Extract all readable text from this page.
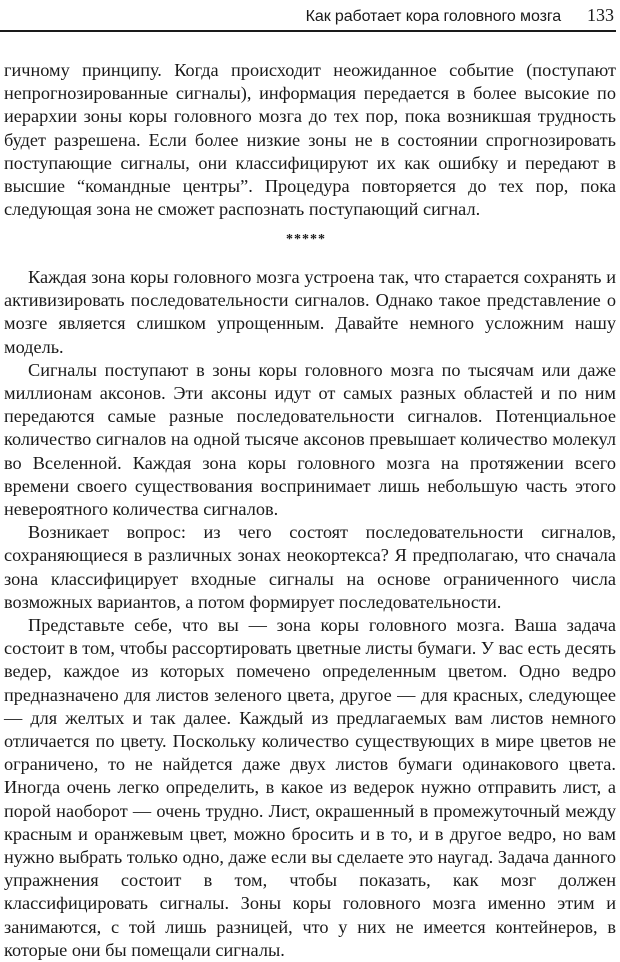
Как работает кора головного мозга 133

гичному принципу. Когда происходит неожиданное событие (поступают непрогнозированные сигналы), информация передается в более высокие по иерархии зоны коры головного мозга до тех пор, пока возникшая трудность будет разрешена. Если более низкие зоны не в состоянии спрогнозировать поступающие сигналы, они классифицируют их как ошибку и передают в высшие “командные центры”. Процедура повторяется до тех пор, пока следующая зона не сможет распознать поступающий сигнал.

*****

Каждая зона коры головного мозга устроена так, что старается сохранять и активизировать последовательности сигналов. Однако такое представление о мозге является слишком упрощенным. Давайте немного усложним нашу модель.

Сигналы поступают в зоны коры головного мозга по тысячам или даже миллионам аксонов. Эти аксоны идут от самых разных областей и по ним передаются самые разные последовательности сигналов. Потенциальное количество сигналов на одной тысяче аксонов превышает количество молекул во Вселенной. Каждая зона коры головного мозга на протяжении всего времени своего существования воспринимает лишь небольшую часть этого невероятного количества сигналов.

Возникает вопрос: из чего состоят последовательности сигналов, сохраняющиеся в различных зонах неокортекса? Я предполагаю, что сначала зона классифицирует входные сигналы на основе ограниченного числа возможных вариантов, а потом формирует последовательности.

Представьте себе, что вы — зона коры головного мозга. Ваша задача состоит в том, чтобы рассортировать цветные листы бумаги. У вас есть десять ведер, каждое из которых помечено определенным цветом. Одно ведро предназначено для листов зеленого цвета, другое — для красных, следующее — для желтых и так далее. Каждый из предлагаемых вам листов немного отличается по цвету. Поскольку количество существующих в мире цветов не ограничено, то не найдется даже двух листов бумаги одинакового цвета. Иногда очень легко определить, в какое из ведерок нужно отправить лист, а порой наоборот — очень трудно. Лист, окрашенный в промежуточный между красным и оранжевым цвет, можно бросить и в то, и в другое ведро, но вам нужно выбрать только одно, даже если вы сделаете это наугад. Задача данного упражнения состоит в том, чтобы показать, как мозг должен классифицировать сигналы. Зоны коры головного мозга именно этим и занимаются, с той лишь разницей, что у них не имеется контейнеров, в которые они бы помещали сигналы.
